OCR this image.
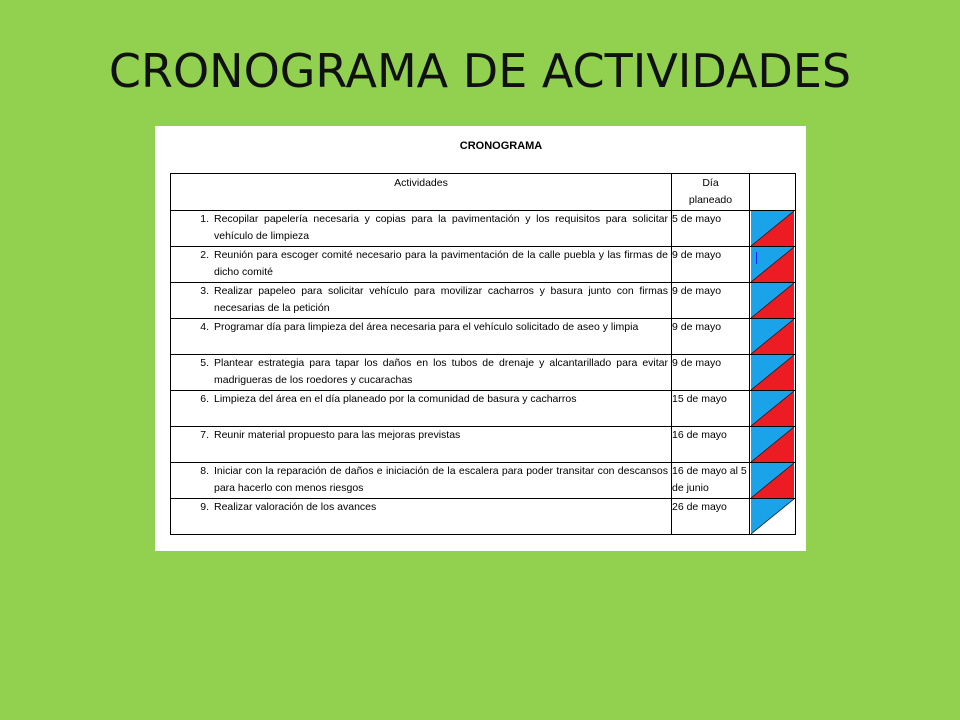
CRONOGRAMA DE ACTIVIDADES
CRONOGRAMA
Actividades	Día
planeado	

1. Recopilar papelería necesaria y copias para la pavimentación y los requisitos para solicitar vehículo de limpieza	5 de mayo	

2. Reunión para escoger comité necesario para la pavimentación de la calle puebla y las firmas de dicho comité	9 de mayo	

3. Realizar papeleo para solicitar vehículo para movilizar cacharros y basura junto con firmas necesarias de la petición	9 de mayo	

4. Programar día para limpieza del área necesaria para el vehículo solicitado de aseo y limpia	9 de mayo	

5. Plantear estrategia para tapar los daños en los tubos de drenaje y alcantarillado para evitar madrigueras de los roedores y cucarachas	9 de mayo	

6. Limpieza del área en el día planeado por la comunidad de basura y cacharros	15 de mayo	

7. Reunir material propuesto para las mejoras previstas	16 de mayo	

8. Iniciar con la reparación de daños e iniciación de la escalera para poder transitar con descansos para hacerlo con menos riesgos	16 de mayo al 5 de junio	

9. Realizar valoración de los avances	26 de mayo	
